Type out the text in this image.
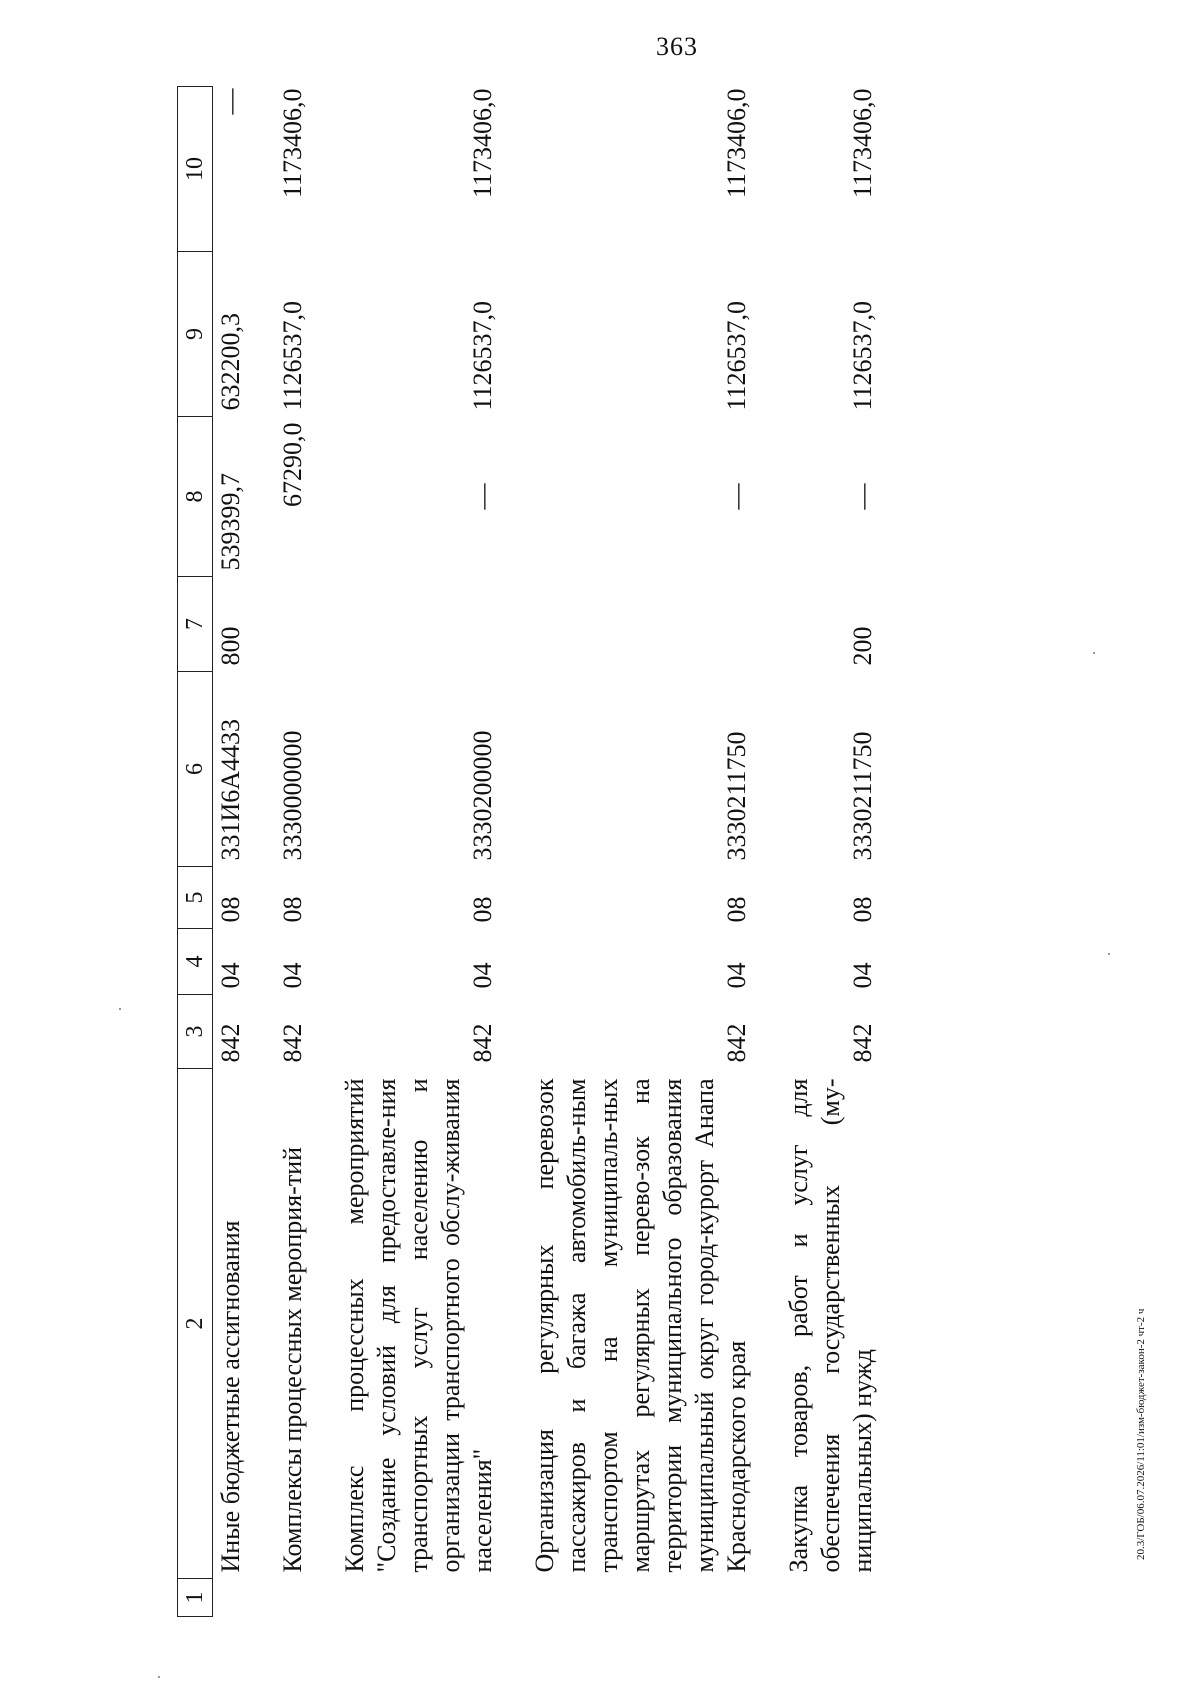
363
20.3/ГОБ/06.07.2026/11:01/изм-бюджет-закон-2 чт-2 ч
1	2	3	4	5	6	7	8	9	10
	Иные бюджетные ассигнования	842	04	08	331И6А4433	800	539399,7	632200,3	—
	Комплексы процессных мероприя-тий	842	04	08	3330000000		67290,0	1126537,0	1173406,0
	Комплекс процессных мероприятий "Создание условий для предоставле-ния транспортных услуг населению и организации транспортного обслу-живания населения"	842	04	08	3330200000		—	1126537,0	1173406,0
	Организация регулярных перевозок пассажиров и багажа автомобиль-ным транспортом на муниципаль-ных маршрутах регулярных перево-зок на территории муниципального образования муниципальный округ город-курорт Анапа Краснодарского края	842	04	08	3330211750		—	1126537,0	1173406,0
	Закупка товаров, работ и услуг для обеспечения государственных (му-ниципальных) нужд	842	04	08	3330211750	200	—	1126537,0	1173406,0
